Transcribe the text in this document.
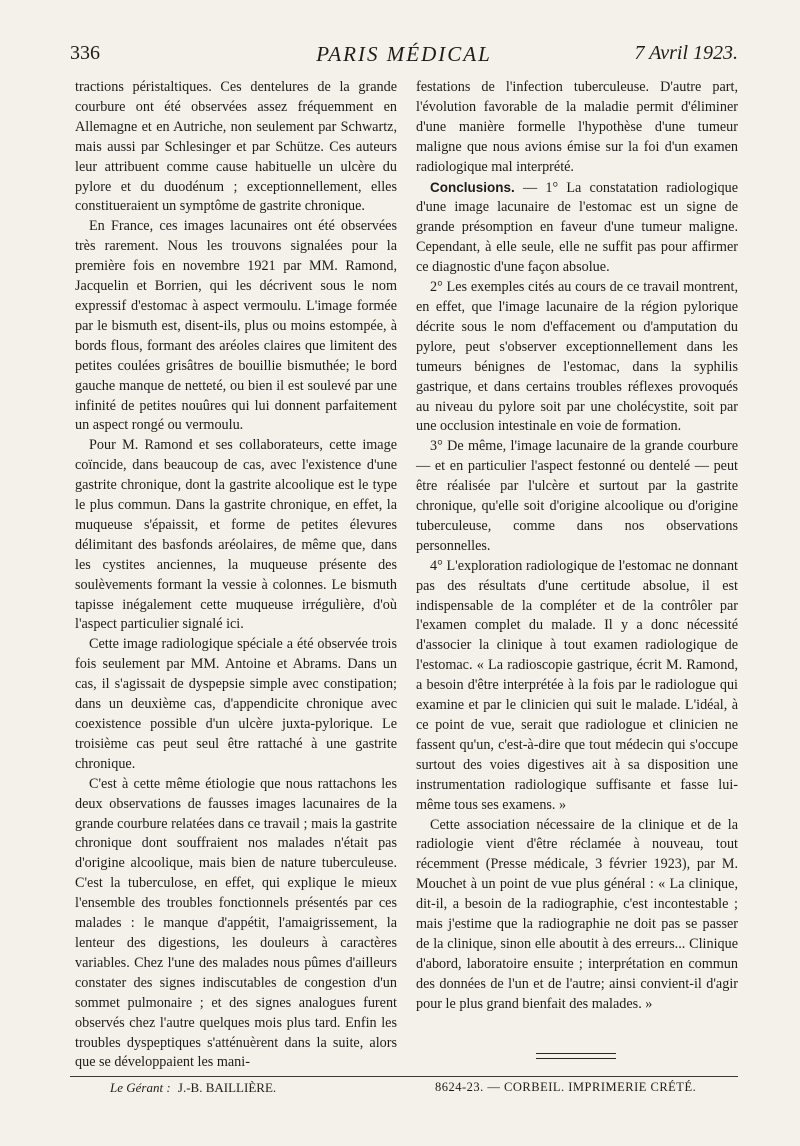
336	PARIS MÉDICAL	7 Avril 1923.

tractions péristaltiques. Ces dentelures de la grande courbure ont été observées assez fréquemment en Allemagne et en Autriche, non seulement par Schwartz, mais aussi par Schlesinger et par Schütze. Ces auteurs leur attribuent comme cause habituelle un ulcère du pylore et du duodénum ; exceptionnellement, elles constitueraient un symptôme de gastrite chronique.

En France, ces images lacunaires ont été observées très rarement. Nous les trouvons signalées pour la première fois en novembre 1921 par MM. Ramond, Jacquelin et Borrien, qui les décrivent sous le nom expressif d'estomac à aspect vermoulu. L'image formée par le bismuth est, disent-ils, plus ou moins estompée, à bords flous, formant des aréoles claires que limitent des petites coulées grisâtres de bouillie bismuthée; le bord gauche manque de netteté, ou bien il est soulevé par une infinité de petites nouûres qui lui donnent parfaitement un aspect rongé ou vermoulu.

Pour M. Ramond et ses collaborateurs, cette image coïncide, dans beaucoup de cas, avec l'existence d'une gastrite chronique, dont la gastrite alcoolique est le type le plus commun. Dans la gastrite chronique, en effet, la muqueuse s'épaissit, et forme de petites élevures délimitant des basfonds aréolaires, de même que, dans les cystites anciennes, la muqueuse présente des soulèvements formant la vessie à colonnes. Le bismuth tapisse inégalement cette muqueuse irrégulière, d'où l'aspect particulier signalé ici.

Cette image radiologique spéciale a été observée trois fois seulement par MM. Antoine et Abrams. Dans un cas, il s'agissait de dyspepsie simple avec constipation; dans un deuxième cas, d'appendicite chronique avec coexistence possible d'un ulcère juxta-pylorique. Le troisième cas peut seul être rattaché à une gastrite chronique.

C'est à cette même étiologie que nous rattachons les deux observations de fausses images lacunaires de la grande courbure relatées dans ce travail ; mais la gastrite chronique dont souffraient nos malades n'était pas d'origine alcoolique, mais bien de nature tuberculeuse. C'est la tuberculose, en effet, qui explique le mieux l'ensemble des troubles fonctionnels présentés par ces malades : le manque d'appétit, l'amaigrissement, la lenteur des digestions, les douleurs à caractères variables. Chez l'une des malades nous pûmes d'ailleurs constater des signes indiscutables de congestion d'un sommet pulmonaire ; et des signes analogues furent observés chez l'autre quelques mois plus tard. Enfin les troubles dyspeptiques s'atténuèrent dans la suite, alors que se développaient les mani-

festations de l'infection tuberculeuse. D'autre part, l'évolution favorable de la maladie permit d'éliminer d'une manière formelle l'hypothèse d'une tumeur maligne que nous avions émise sur la foi d'un examen radiologique mal interprété.

Conclusions. — 1° La constatation radiologique d'une image lacunaire de l'estomac est un signe de grande présomption en faveur d'une tumeur maligne. Cependant, à elle seule, elle ne suffit pas pour affirmer ce diagnostic d'une façon absolue.

2° Les exemples cités au cours de ce travail montrent, en effet, que l'image lacunaire de la région pylorique décrite sous le nom d'effacement ou d'amputation du pylore, peut s'observer exceptionnellement dans les tumeurs bénignes de l'estomac, dans la syphilis gastrique, et dans certains troubles réflexes provoqués au niveau du pylore soit par une cholécystite, soit par une occlusion intestinale en voie de formation.

3° De même, l'image lacunaire de la grande courbure — et en particulier l'aspect festonné ou dentelé — peut être réalisée par l'ulcère et surtout par la gastrite chronique, qu'elle soit d'origine alcoolique ou d'origine tuberculeuse, comme dans nos observations personnelles.

4° L'exploration radiologique de l'estomac ne donnant pas des résultats d'une certitude absolue, il est indispensable de la compléter et de la contrôler par l'examen complet du malade. Il y a donc nécessité d'associer la clinique à tout examen radiologique de l'estomac. « La radioscopie gastrique, écrit M. Ramond, a besoin d'être interprétée à la fois par le radiologue qui examine et par le clinicien qui suit le malade. L'idéal, à ce point de vue, serait que radiologue et clinicien ne fassent qu'un, c'est-à-dire que tout médecin qui s'occupe surtout des voies digestives ait à sa disposition une instrumentation radiologique suffisante et fasse lui-même tous ses examens. »

Cette association nécessaire de la clinique et de la radiologie vient d'être réclamée à nouveau, tout récemment (Presse médicale, 3 février 1923), par M. Mouchet à un point de vue plus général : « La clinique, dit-il, a besoin de la radiographie, c'est incontestable ; mais j'estime que la radiographie ne doit pas se passer de la clinique, sinon elle aboutit à des erreurs... Clinique d'abord, laboratoire ensuite ; interprétation en commun des données de l'un et de l'autre; ainsi convient-il d'agir pour le plus grand bienfait des malades. »

Le Gérant : J.-B. BAILLIÈRE.	8624-23. — CORBEIL. IMPRIMERIE CRÉTÉ.
